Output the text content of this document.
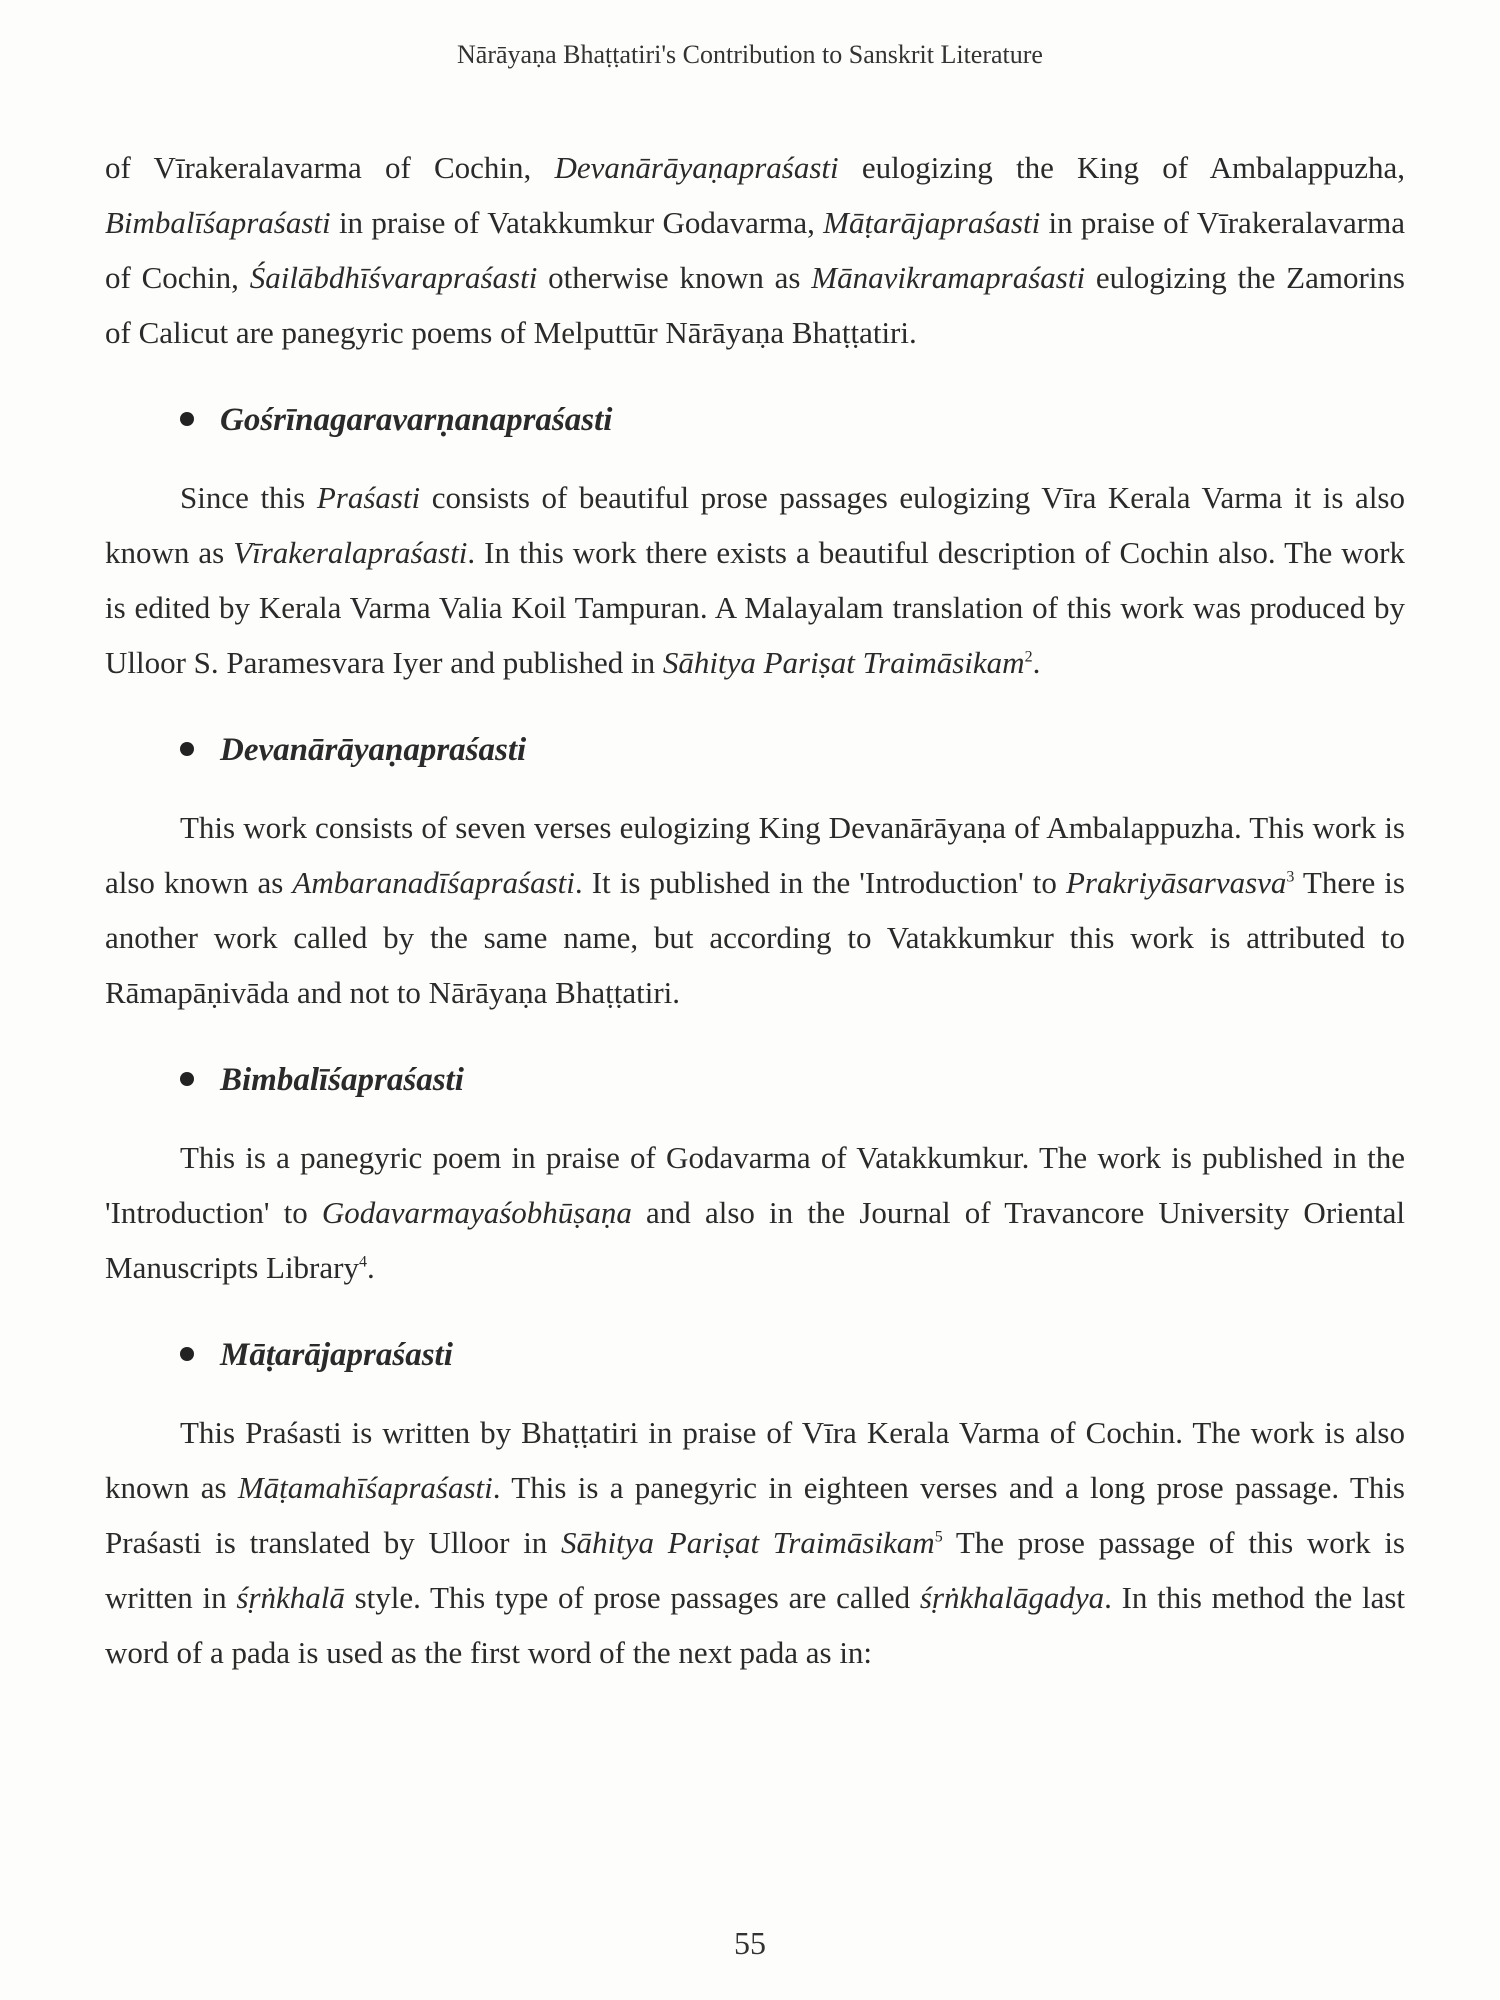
Nārāyaṇa Bhaṭṭatiri's Contribution to Sanskrit Literature

of Vīrakeralavarma of Cochin, Devanārāyaṇapraśasti eulogizing the King of Ambalappuzha, Bimbalīśapraśasti in praise of Vatakkumkur Godavarma, Māṭarājapraśasti in praise of Vīrakeralavarma of Cochin, Śailābdhīśvarapraśasti otherwise known as Mānavikramapraśasti eulogizing the Zamorins of Calicut are panegyric poems of Melputtūr Nārāyaṇa Bhaṭṭatiri.

Gośrīnagaravarṇanapraśasti

Since this Praśasti consists of beautiful prose passages eulogizing Vīra Kerala Varma it is also known as Vīrakeralapraśasti. In this work there exists a beautiful description of Cochin also. The work is edited by Kerala Varma Valia Koil Tampuran. A Malayalam translation of this work was produced by Ulloor S. Paramesvara Iyer and published in Sāhitya Pariṣat Traimāsikam$^2$.

Devanārāyaṇapraśasti

This work consists of seven verses eulogizing King Devanārāyaṇa of Ambalappuzha. This work is also known as Ambaranadīśapraśasti. It is published in the 'Introduction' to Prakriyāsarvasva$^3$ There is another work called by the same name, but according to Vatakkumkur this work is attributed to Rāmapāṇivāda and not to Nārāyaṇa Bhaṭṭatiri.

Bimbalīśapraśasti

This is a panegyric poem in praise of Godavarma of Vatakkumkur. The work is published in the 'Introduction' to Godavarmayaśobhūṣaṇa and also in the Journal of Travancore University Oriental Manuscripts Library$^4$.

Māṭarājapraśasti

This Praśasti is written by Bhaṭṭatiri in praise of Vīra Kerala Varma of Cochin. The work is also known as Māṭamahīśapraśasti. This is a panegyric in eighteen verses and a long prose passage. This Praśasti is translated by Ulloor in Sāhitya Pariṣat Traimāsikam$^5$ The prose passage of this work is written in śṛṅkhalā style. This type of prose passages are called śṛṅkhalāgadya. In this method the last word of a pada is used as the first word of the next pada as in:

55
